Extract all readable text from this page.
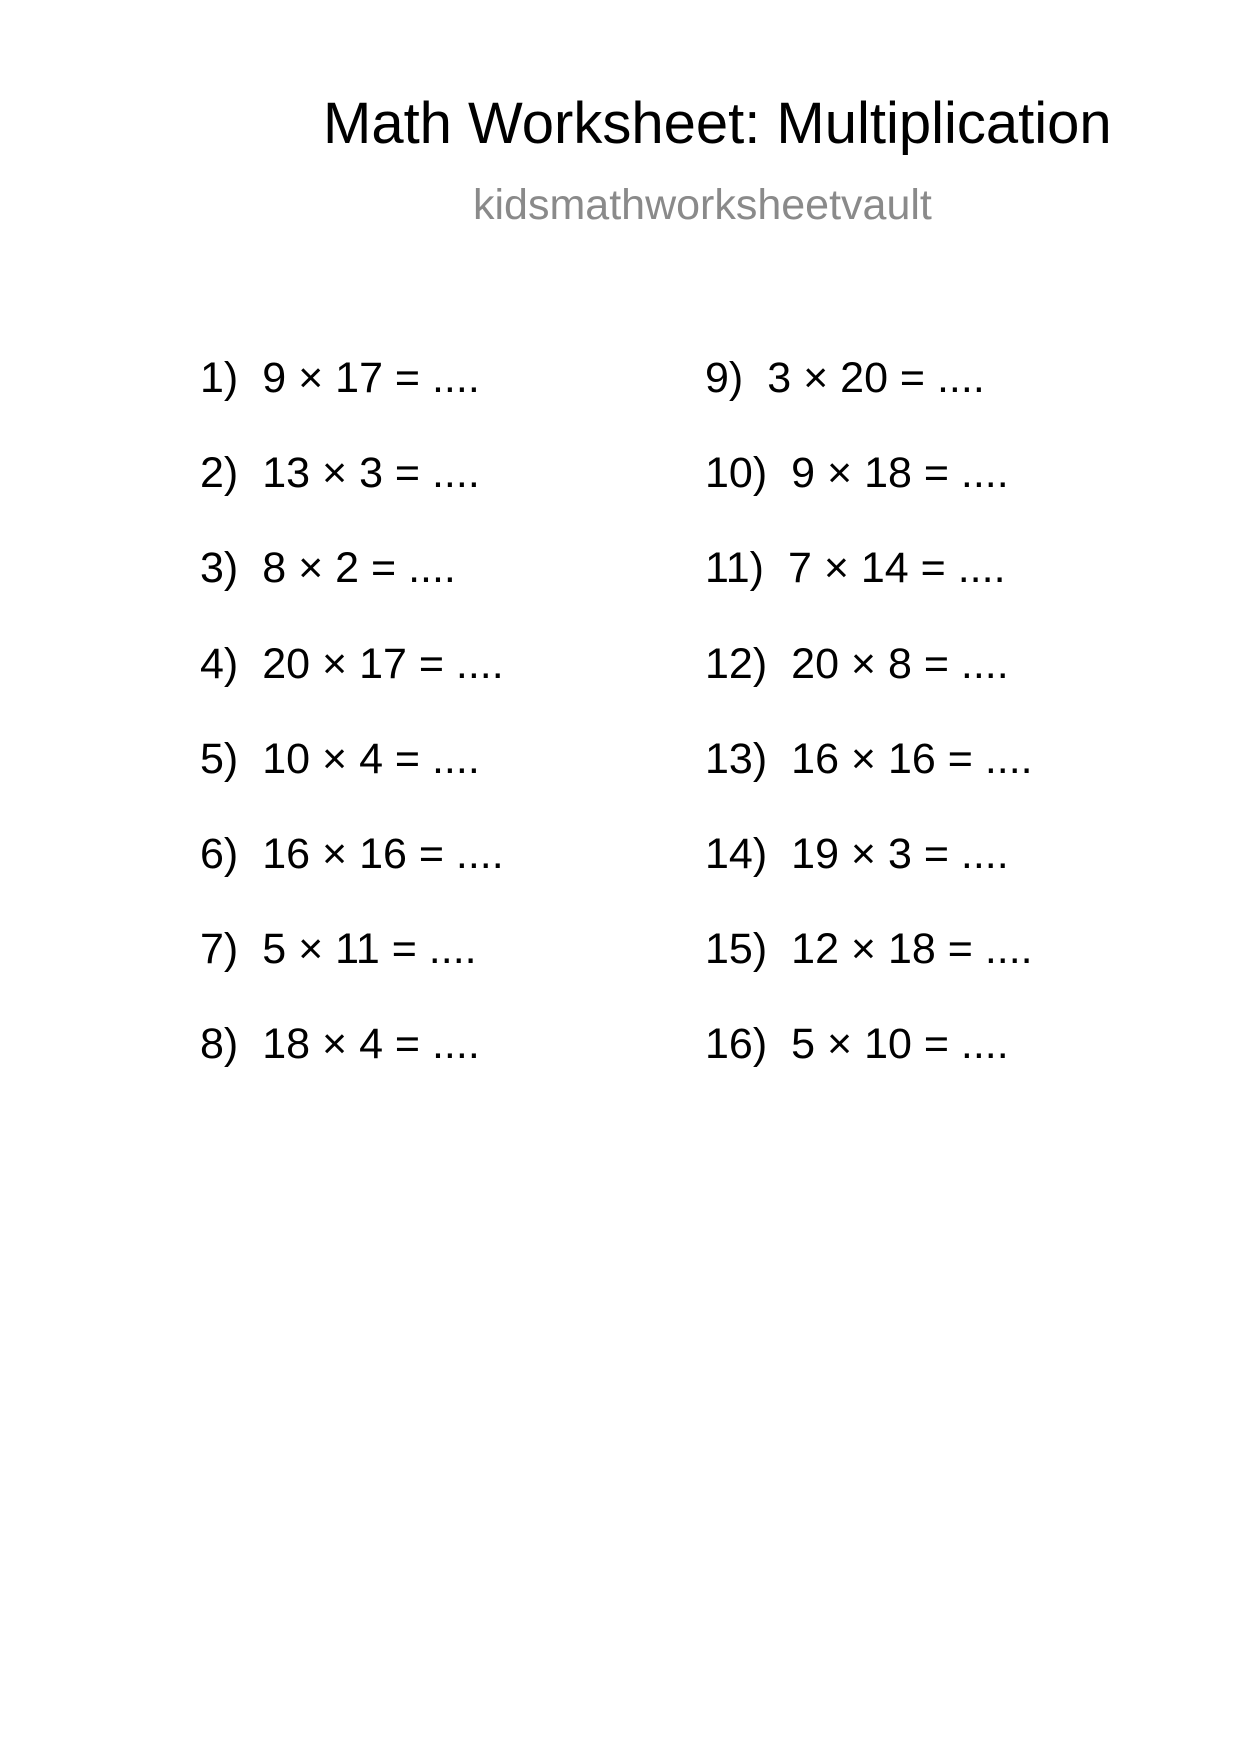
Math Worksheet: Multiplication
kidsmathworksheetvault
1) 9 × 17 = ....
2) 13 × 3 = ....
3) 8 × 2 = ....
4) 20 × 17 = ....
5) 10 × 4 = ....
6) 16 × 16 = ....
7) 5 × 11 = ....
8) 18 × 4 = ....
9) 3 × 20 = ....
10) 9 × 18 = ....
11) 7 × 14 = ....
12) 20 × 8 = ....
13) 16 × 16 = ....
14) 19 × 3 = ....
15) 12 × 18 = ....
16) 5 × 10 = ....
